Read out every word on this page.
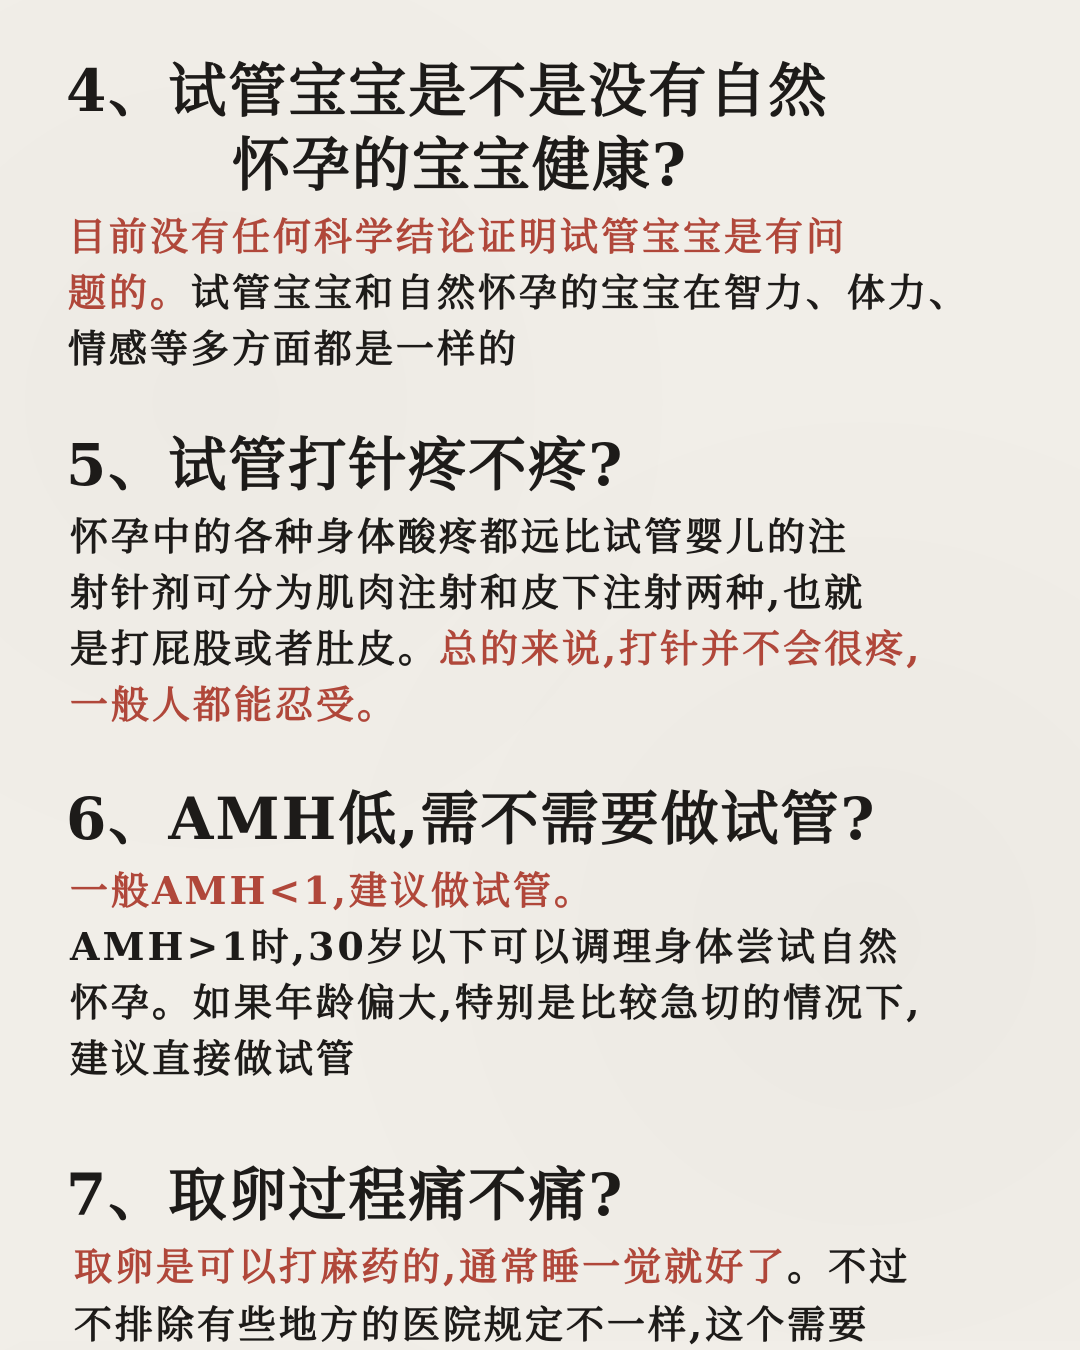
4、试管宝宝是不是没有自然
怀孕的宝宝健康?
目前没有任何科学结论证明试管宝宝是有问
题的。试管宝宝和自然怀孕的宝宝在智力、体力、
情感等多方面都是一样的
5、试管打针疼不疼?
怀孕中的各种身体酸疼都远比试管婴儿的注
射针剂可分为肌肉注射和皮下注射两种,也就
是打屁股或者肚皮。总的来说,打针并不会很疼,
一般人都能忍受。
6、AMH低,需不需要做试管?
一般AMH<1,建议做试管。
AMH>1时,30岁以下可以调理身体尝试自然
怀孕。如果年龄偏大,特别是比较急切的情况下,
建议直接做试管
7、取卵过程痛不痛?
取卵是可以打麻药的,通常睡一觉就好了。不过
不排除有些地方的医院规定不一样,这个需要
